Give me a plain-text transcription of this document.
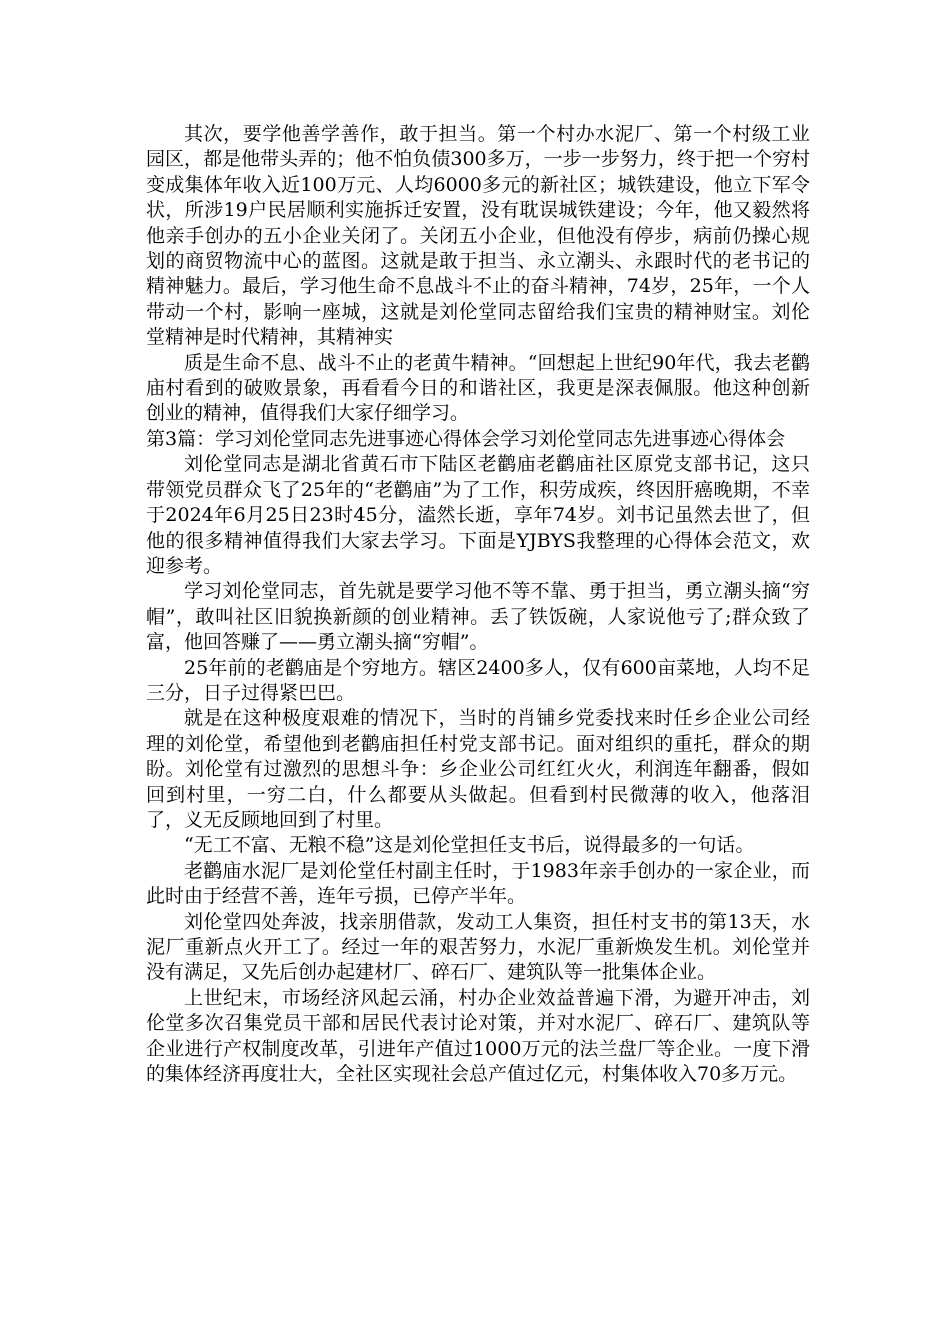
其次，要学他善学善作，敢于担当。第一个村办水泥厂、第一个村级工业园区，都是他带头弄的；他不怕负债300多万，一步一步努力，终于把一个穷村变成集体年收入近100万元、人均6000多元的新社区；城铁建设，他立下军令状，所涉19户民居顺利实施拆迁安置，没有耽误城铁建设；今年，他又毅然将他亲手创办的五小企业关闭了。关闭五小企业，但他没有停步，病前仍操心规划的商贸物流中心的蓝图。这就是敢于担当、永立潮头、永跟时代的老书记的精神魅力。最后，学习他生命不息战斗不止的奋斗精神，74岁，25年，一个人带动一个村，影响一座城，这就是刘伦堂同志留给我们宝贵的精神财宝。刘伦堂精神是时代精神，其精神实

质是生命不息、战斗不止的老黄牛精神。“回想起上世纪90年代，我去老鹳庙村看到的破败景象，再看看今日的和谐社区，我更是深表佩服。他这种创新创业的精神，值得我们大家仔细学习。

第3篇：学习刘伦堂同志先进事迹心得体会学习刘伦堂同志先进事迹心得体会

刘伦堂同志是湖北省黄石市下陆区老鹳庙老鹳庙社区原党支部书记，这只带领党员群众飞了25年的“老鹳庙”为了工作，积劳成疾，终因肝癌晚期，不幸于2024年6月25日23时45分，溘然长逝，享年74岁。刘书记虽然去世了，但他的很多精神值得我们大家去学习。下面是YJBYS我整理的心得体会范文，欢迎参考。

学习刘伦堂同志，首先就是要学习他不等不靠、勇于担当，勇立潮头摘“穷帽”，敢叫社区旧貌换新颜的创业精神。丢了铁饭碗，人家说他亏了;群众致了富，他回答赚了——勇立潮头摘“穷帽”。

25年前的老鹳庙是个穷地方。辖区2400多人，仅有600亩菜地，人均不足三分，日子过得紧巴巴。

就是在这种极度艰难的情况下，当时的肖铺乡党委找来时任乡企业公司经理的刘伦堂，希望他到老鹳庙担任村党支部书记。面对组织的重托，群众的期盼。刘伦堂有过激烈的思想斗争：乡企业公司红红火火，利润连年翻番，假如回到村里，一穷二白，什么都要从头做起。但看到村民微薄的收入，他落泪了，义无反顾地回到了村里。

“无工不富、无粮不稳”这是刘伦堂担任支书后，说得最多的一句话。

老鹳庙水泥厂是刘伦堂任村副主任时，于1983年亲手创办的一家企业，而此时由于经营不善，连年亏损，已停产半年。

刘伦堂四处奔波，找亲朋借款，发动工人集资，担任村支书的第13天，水泥厂重新点火开工了。经过一年的艰苦努力，水泥厂重新焕发生机。刘伦堂并没有满足，又先后创办起建材厂、碎石厂、建筑队等一批集体企业。

上世纪末，市场经济风起云涌，村办企业效益普遍下滑，为避开冲击，刘伦堂多次召集党员干部和居民代表讨论对策，并对水泥厂、碎石厂、建筑队等企业进行产权制度改革，引进年产值过1000万元的法兰盘厂等企业。一度下滑的集体经济再度壮大，全社区实现社会总产值过亿元，村集体收入70多万元。
